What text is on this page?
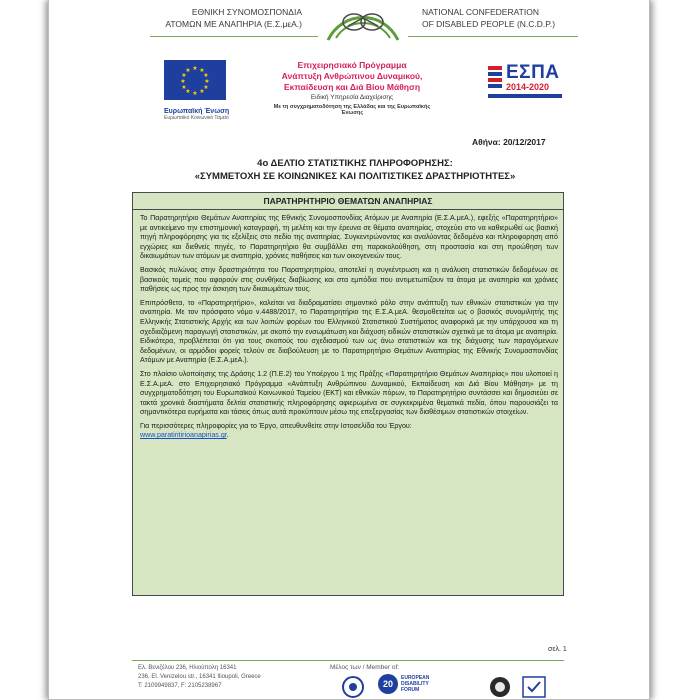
ΕΘΝΙΚΗ ΣΥΝΟΜΟΣΠΟΝΔΙΑ
ΑΤΟΜΩΝ ΜΕ ΑΝΑΠΗΡΙΑ (Ε.Σ.μεΑ.)
NATIONAL CONFEDERATION
OF DISABLED PEOPLE (N.C.D.P.)
★ ★
★
★
★
★
★
★
★
★
★
★
Ευρωπαϊκή Ένωση
Ευρωπαϊκό Κοινωνικό Ταμείο
Επιχειρησιακό Πρόγραμμα
Ανάπτυξη Ανθρώπινου Δυναμικού,
Εκπαίδευση και Διά Βίου Μάθηση
Ειδική Υπηρεσία Διαχείρισης
Με τη συγχρηματοδότηση της Ελλάδας και της Ευρωπαϊκής Ένωσης
ΕΣΠΑ
2014-2020
Αθήνα: 20/12/2017
4ο ΔΕΛΤΙΟ ΣΤΑΤΙΣΤΙΚΗΣ ΠΛΗΡΟΦΟΡΗΣΗΣ:
«ΣΥΜΜΕΤΟΧΗ ΣΕ ΚΟΙΝΩΝΙΚΕΣ ΚΑΙ ΠΟΛΙΤΙΣΤΙΚΕΣ ΔΡΑΣΤΗΡΙΟΤΗΤΕΣ»
ΠΑΡΑΤΗΡΗΤΗΡΙΟ ΘΕΜΑΤΩΝ ΑΝΑΠΗΡΙΑΣ

Το Παρατηρητήριο Θεμάτων Αναπηρίας της Εθνικής Συνομοσπονδίας Ατόμων με Αναπηρία (Ε.Σ.Α.μεΑ.), εφεξής «Παρατηρητήριο» με αντικείμενο την επιστημονική καταγραφή, τη μελέτη και την έρευνα σε θέματα αναπηρίας, στοχεύει στο να καθιερωθεί ως βασική πηγή πληροφόρησης για τις εξελίξεις στο πεδίο της αναπηρίας. Συγκεντρώνοντας και αναλύοντας δεδομένα και πληροφορηση από εγχώριες και διεθνείς πηγές, το Παρατηρητήριο θα συμβάλλει στη παρακολούθηση, στη προστασία και στη προώθηση των δικαιωμάτων των ατόμων με αναπηρία, χρόνιες παθήσεις και των οικογενειών τους.

Βασικός πυλώνας στην δραστηριότητα του Παρατηρητηρίου, αποτελεί η συγκέντρωση και η ανάλυση στατιστικών δεδομένων σε βασικούς τομείς που αφορούν στις συνθήκες διαβίωσης και στα εμπόδια που αντιμετωπίζουν τα άτομα με αναπηρία και χρόνιες παθήσεις ως προς την άσκηση των δικαιωμάτων τους.

Επιπρόσθετα, το «Παρατηρητήριο», καλείται να διαδραματίσει σημαντικό ρόλο στην ανάπτυξη των εθνικών στατιστικών για την αναπηρία. Με τον πρόσφατο νόμο ν.4488/2017, το Παρατηρητήριο της Ε.Σ.Α.μεΑ. θεσμοθετείται ως ο βασικός συνομιλητής της Ελληνικής Στατιστικής Αρχής και των λοιπών φορέων του Ελληνικού Στατιστικού Συστήματος αναφορικά με την υπάρχουσα και τη σχεδιαζόμενη παραγωγή στατιστικών, με σκοπό την ενσωμάτωση και διάχυση ειδικών στατιστικών σχετικά με τα άτομα με αναπηρία. Ειδικότερα, προβλέπεται ότι για τους σκοπούς του σχεδιασμού των ως άνω στατιστικών και της διάχυσης των παραγόμενων δεδομένων, οι αρμόδιοι φορείς τελούν σε διαβούλευση με το Παρατηρητήριο Θεμάτων Αναπηρίας της Εθνικής Συνομοσπονδίας Ατόμων με Αναπηρία (Ε.Σ.Α.μεΑ.).

Στο πλαίσιο υλοποίησης της Δράσης 1.2 (Π.Ε.2) του Υποέργου 1 της Πράξης «Παρατηρητήριο Θεμάτων Αναπηρίας» που υλοποιεί η Ε.Σ.Α.μεΑ. στο Επιχειρησιακό Πρόγραμμα «Ανάπτυξη Ανθρώπινου Δυναμικού, Εκπαίδευση και Διά Βίου Μάθηση» με τη συγχρηματοδότηση του Ευρωπαϊκού Κοινωνικού Ταμείου (ΕΚΤ) και εθνικών πόρων, το Παρατηρητήριο συντάσσει και δημοσιεύει σε τακτά χρονικά διαστήματα δελτία στατιστικής πληροφόρησης αφιερωμένα σε συγκεκριμένα θεματικά πεδία, όπου παρουσιάζει τα σημαντικότερα ευρήματα και τάσεις όπως αυτά προκύπτουν μέσω της επεξεργασίας των διαθέσιμων στατιστικών στοιχείων.

Για περισσότερες πληροφορίες για το Έργο, απευθυνθείτε στην Ιστοσελίδα του Έργου:
www.paratiritirioanapirias.gr.

σελ. 1
Ελ. Βενιζέλου 236, Ηλιούπολη 16341
236, El. Venizelou str., 16341 Ilioupoli, Greece
Τ: 2109949837, F: 2105238967
Μέλος των / Member of:
20
EUROPEAN DISABILITY FORUM
